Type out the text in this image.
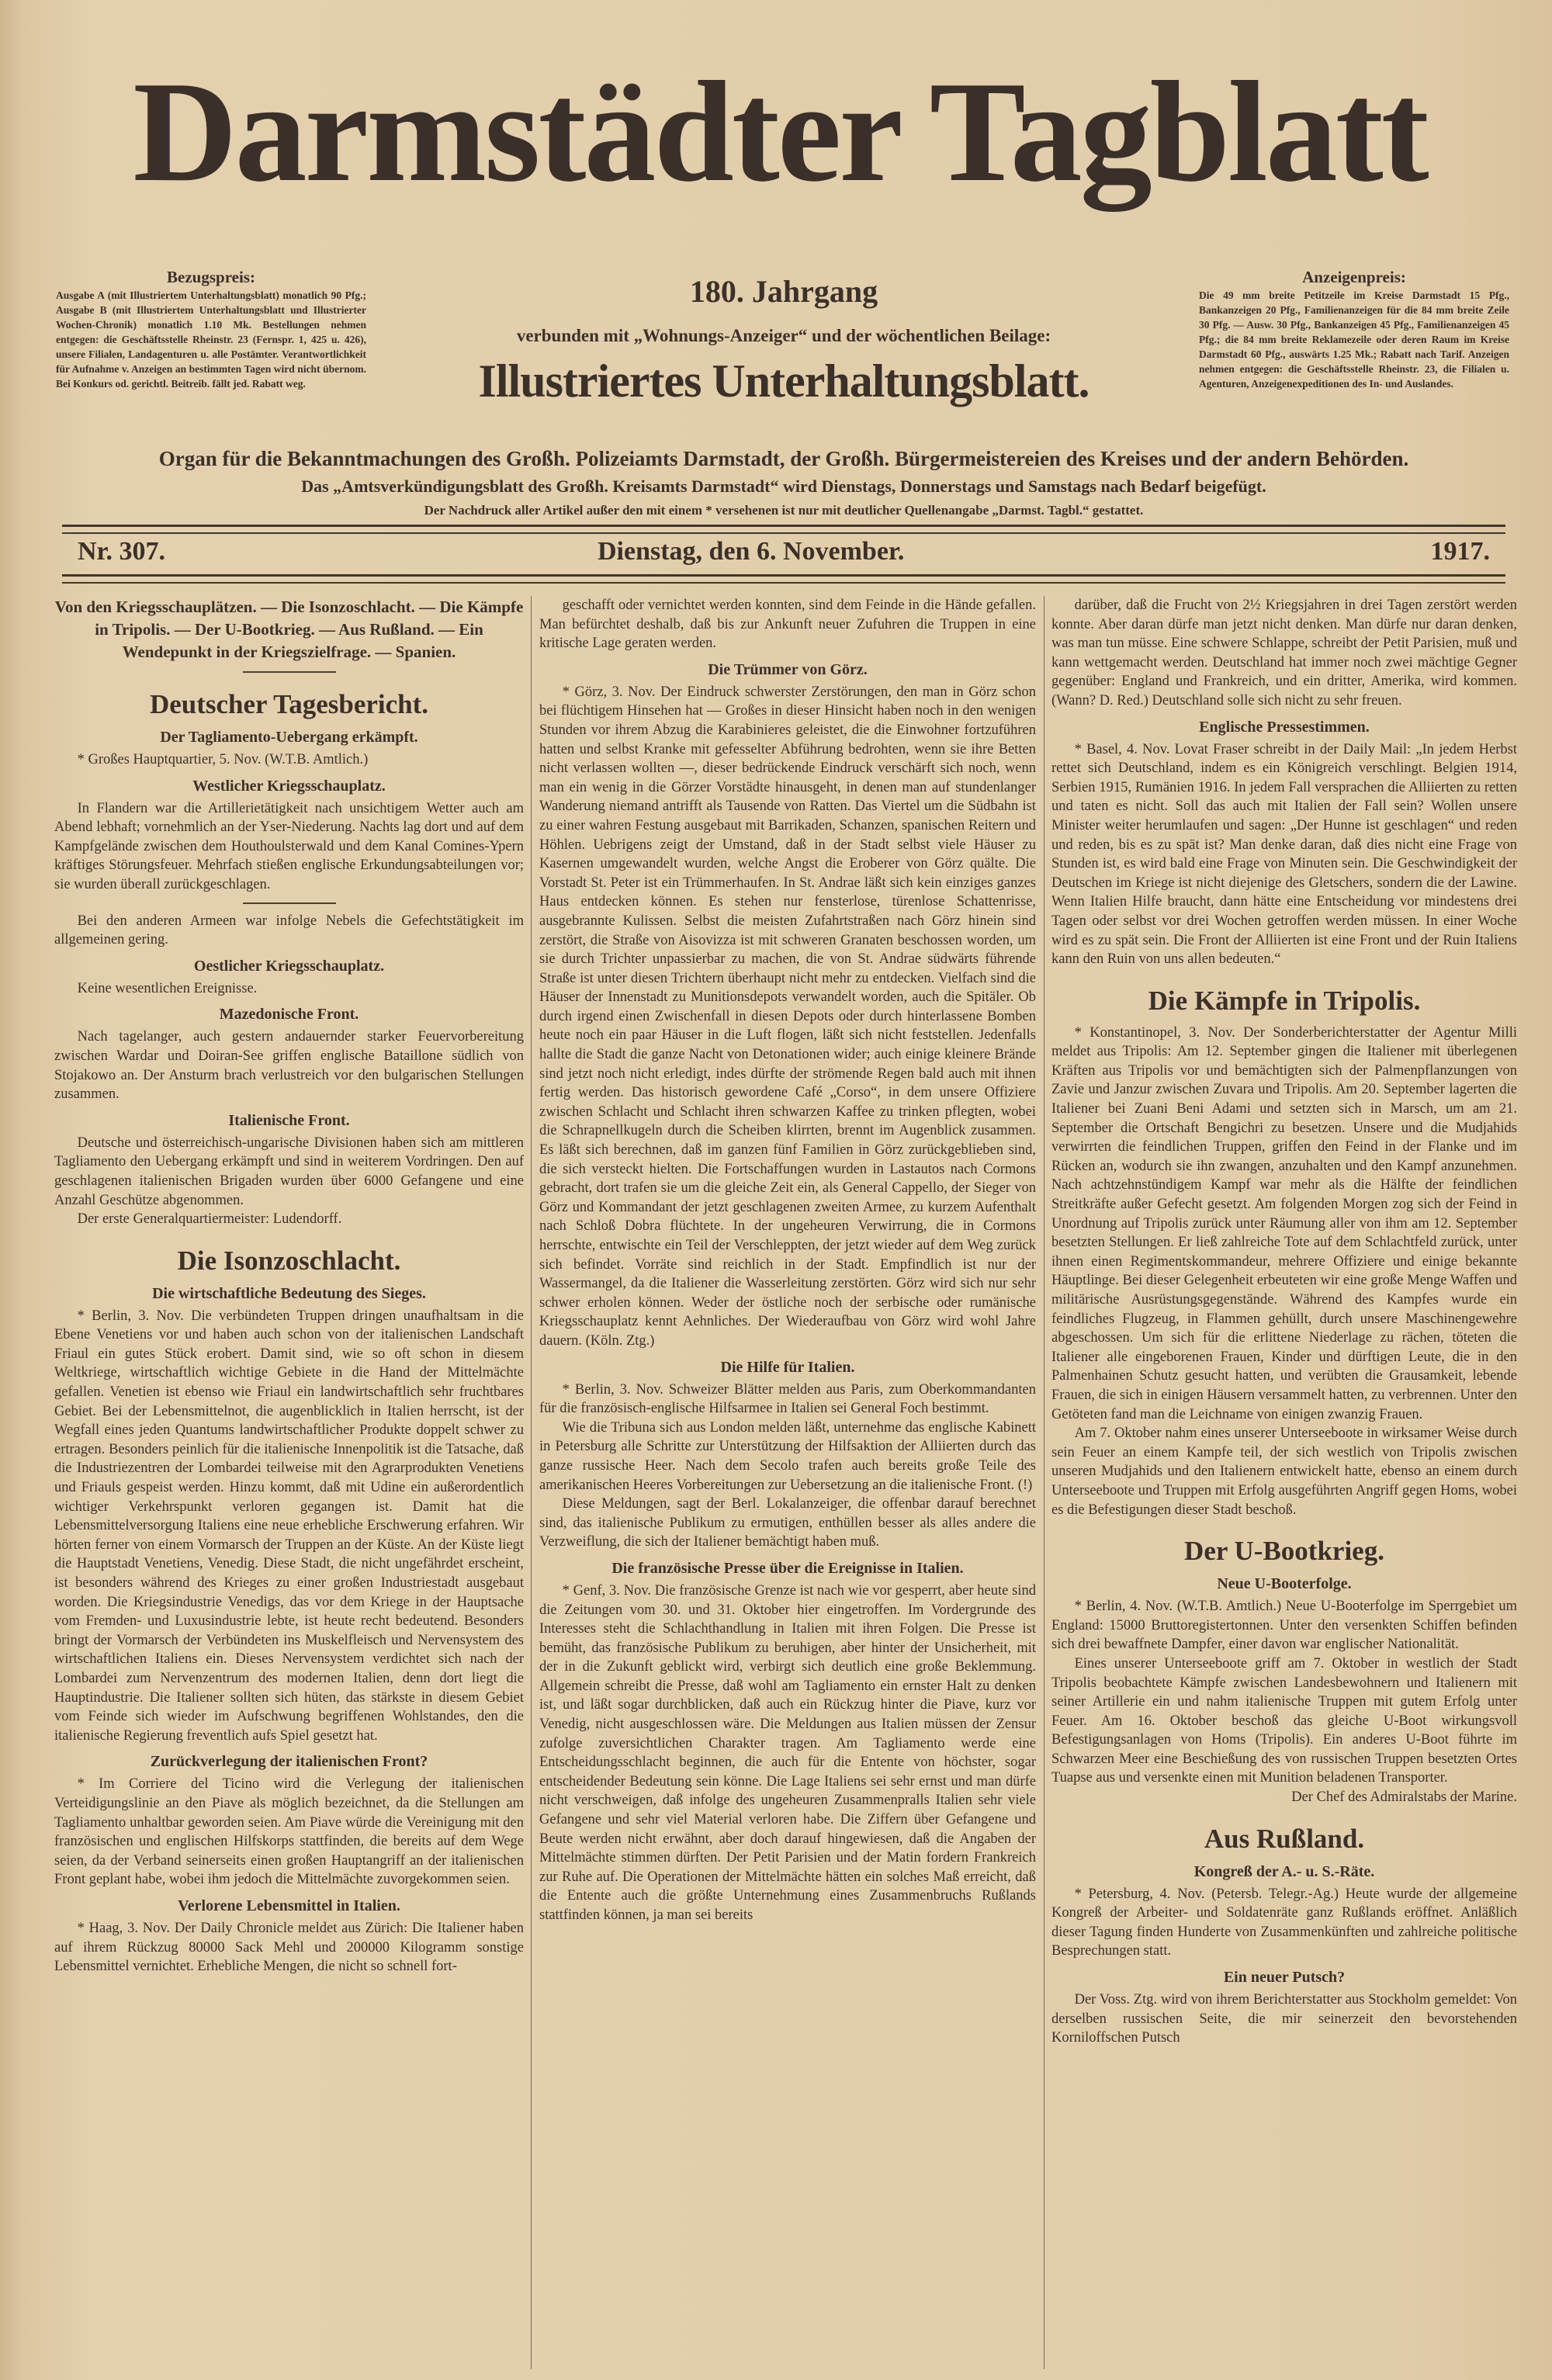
Darmstädter Tagblatt
Bezugspreis:
Ausgabe A (mit Illustriertem Unterhaltungsblatt) monatlich 90 Pfg.; Ausgabe B (mit Illustriertem Unterhaltungsblatt und Illustrierter Wochen-Chronik) monatlich 1.10 Mk. Bestellungen nehmen entgegen: die Geschäftsstelle Rheinstr. 23 (Fernspr. 1, 425 u. 426), unsere Filialen, Landagenturen u. alle Postämter. Verantwortlichkeit für Aufnahme v. Anzeigen an bestimmten Tagen wird nicht übernom. Bei Konkurs od. gerichtl. Beitreib. fällt jed. Rabatt weg.
Anzeigenpreis:
Die 49 mm breite Petitzeile im Kreise Darmstadt 15 Pfg., Bankanzeigen 20 Pfg., Familienanzeigen für die 84 mm breite Zeile 30 Pfg. — Ausw. 30 Pfg., Bankanzeigen 45 Pfg., Familienanzeigen 45 Pfg.; die 84 mm breite Reklamezeile oder deren Raum im Kreise Darmstadt 60 Pfg., auswärts 1.25 Mk.; Rabatt nach Tarif. Anzeigen nehmen entgegen: die Geschäftsstelle Rheinstr. 23, die Filialen u. Agenturen, Anzeigenexpeditionen des In- und Auslandes.
180. Jahrgang
verbunden mit „Wohnungs-Anzeiger“ und der wöchentlichen Beilage:
Illustriertes Unterhaltungsblatt.
Organ für die Bekanntmachungen des Großh. Polizeiamts Darmstadt, der Großh. Bürgermeistereien des Kreises und der andern Behörden.
Das „Amtsverkündigungsblatt des Großh. Kreisamts Darmstadt“ wird Dienstags, Donnerstags und Samstags nach Bedarf beigefügt.
Der Nachdruck aller Artikel außer den mit einem * versehenen ist nur mit deutlicher Quellenangabe „Darmst. Tagbl.“ gestattet.
Nr. 307.	Dienstag, den 6. November.	1917.

Von den Kriegsschauplätzen. — Die Isonzoschlacht. — Die Kämpfe in Tripolis. — Der U-Bootkrieg. — Aus Rußland. — Ein Wendepunkt in der Kriegszielfrage. — Spanien.

Deutscher Tagesbericht.
Der Tagliamento-Uebergang erkämpft.

* Großes Hauptquartier, 5. Nov. (W.T.B. Amtlich.)

Westlicher Kriegsschauplatz.

In Flandern war die Artillerietätigkeit nach unsichtigem Wetter auch am Abend lebhaft; vornehmlich an der Yser-Niederung. Nachts lag dort und auf dem Kampfgelände zwischen dem Houthoulsterwald und dem Kanal Comines-Ypern kräftiges Störungsfeuer. Mehrfach stießen englische Erkundungsabteilungen vor; sie wurden überall zurückgeschlagen.

Bei den anderen Armeen war infolge Nebels die Gefechtstätigkeit im allgemeinen gering.

Oestlicher Kriegsschauplatz.

Keine wesentlichen Ereignisse.

Mazedonische Front.

Nach tagelanger, auch gestern andauernder starker Feuervorbereitung zwischen Wardar und Doiran-See griffen englische Bataillone südlich von Stojakowo an. Der Ansturm brach verlustreich vor den bulgarischen Stellungen zusammen.

Italienische Front.

Deutsche und österreichisch-ungarische Divisionen haben sich am mittleren Tagliamento den Uebergang erkämpft und sind in weiterem Vordringen. Den auf geschlagenen italienischen Brigaden wurden über 6000 Gefangene und eine Anzahl Geschütze abgenommen.

Der erste Generalquartiermeister: Ludendorff.

Die Isonzoschlacht.
Die wirtschaftliche Bedeutung des Sieges.

* Berlin, 3. Nov. Die verbündeten Truppen dringen unaufhaltsam in die Ebene Venetiens vor und haben auch schon von der italienischen Landschaft Friaul ein gutes Stück erobert. Damit sind, wie so oft schon in diesem Weltkriege, wirtschaftlich wichtige Gebiete in die Hand der Mittelmächte gefallen. Venetien ist ebenso wie Friaul ein landwirtschaftlich sehr fruchtbares Gebiet. Bei der Lebensmittelnot, die augenblicklich in Italien herrscht, ist der Wegfall eines jeden Quantums landwirtschaftlicher Produkte doppelt schwer zu ertragen. Besonders peinlich für die italienische Innenpolitik ist die Tatsache, daß die Industriezentren der Lombardei teilweise mit den Agrarprodukten Venetiens und Friauls gespeist werden. Hinzu kommt, daß mit Udine ein außerordentlich wichtiger Verkehrspunkt verloren gegangen ist. Damit hat die Lebensmittelversorgung Italiens eine neue erhebliche Erschwerung erfahren. Wir hörten ferner von einem Vormarsch der Truppen an der Küste. An der Küste liegt die Hauptstadt Venetiens, Venedig. Diese Stadt, die nicht ungefährdet erscheint, ist besonders während des Krieges zu einer großen Industriestadt ausgebaut worden. Die Kriegsindustrie Venedigs, das vor dem Kriege in der Hauptsache vom Fremden- und Luxusindustrie lebte, ist heute recht bedeutend. Besonders bringt der Vormarsch der Verbündeten ins Muskelfleisch und Nervensystem des wirtschaftlichen Italiens ein. Dieses Nervensystem verdichtet sich nach der Lombardei zum Nervenzentrum des modernen Italien, denn dort liegt die Hauptindustrie. Die Italiener sollten sich hüten, das stärkste in diesem Gebiet vom Feinde sich wieder im Aufschwung begriffenen Wohlstandes, den die italienische Regierung freventlich aufs Spiel gesetzt hat.

Zurückverlegung der italienischen Front?

* Im Corriere del Ticino wird die Verlegung der italienischen Verteidigungslinie an den Piave als möglich bezeichnet, da die Stellungen am Tagliamento unhaltbar geworden seien. Am Piave würde die Vereinigung mit den französischen und englischen Hilfskorps stattfinden, die bereits auf dem Wege seien, da der Verband seinerseits einen großen Hauptangriff an der italienischen Front geplant habe, wobei ihm jedoch die Mittelmächte zuvorgekommen seien.

Verlorene Lebensmittel in Italien.

* Haag, 3. Nov. Der Daily Chronicle meldet aus Zürich: Die Italiener haben auf ihrem Rückzug 80000 Sack Mehl und 200000 Kilogramm sonstige Lebensmittel vernichtet. Erhebliche Mengen, die nicht so schnell fort-

geschafft oder vernichtet werden konnten, sind dem Feinde in die Hände gefallen. Man befürchtet deshalb, daß bis zur Ankunft neuer Zufuhren die Truppen in eine kritische Lage geraten werden.

Die Trümmer von Görz.

* Görz, 3. Nov. Der Eindruck schwerster Zerstörungen, den man in Görz schon bei flüchtigem Hinsehen hat — Großes in dieser Hinsicht haben noch in den wenigen Stunden vor ihrem Abzug die Karabinieres geleistet, die die Einwohner fortzuführen hatten und selbst Kranke mit gefesselter Abführung bedrohten, wenn sie ihre Betten nicht verlassen wollten —, dieser bedrückende Eindruck verschärft sich noch, wenn man ein wenig in die Görzer Vorstädte hinausgeht, in denen man auf stundenlanger Wanderung niemand antrifft als Tausende von Ratten. Das Viertel um die Südbahn ist zu einer wahren Festung ausgebaut mit Barrikaden, Schanzen, spanischen Reitern und Höhlen. Uebrigens zeigt der Umstand, daß in der Stadt selbst viele Häuser zu Kasernen umgewandelt wurden, welche Angst die Eroberer von Görz quälte. Die Vorstadt St. Peter ist ein Trümmerhaufen. In St. Andrae läßt sich kein einziges ganzes Haus entdecken können. Es stehen nur fensterlose, türenlose Schattenrisse, ausgebrannte Kulissen. Selbst die meisten Zufahrtstraßen nach Görz hinein sind zerstört, die Straße von Aisovizza ist mit schweren Granaten beschossen worden, um sie durch Trichter unpassierbar zu machen, die von St. Andrae südwärts führende Straße ist unter diesen Trichtern überhaupt nicht mehr zu entdecken. Vielfach sind die Häuser der Innenstadt zu Munitionsdepots verwandelt worden, auch die Spitäler. Ob durch irgend einen Zwischenfall in diesen Depots oder durch hinterlassene Bomben heute noch ein paar Häuser in die Luft flogen, läßt sich nicht feststellen. Jedenfalls hallte die Stadt die ganze Nacht von Detonationen wider; auch einige kleinere Brände sind jetzt noch nicht erledigt, indes dürfte der strömende Regen bald auch mit ihnen fertig werden. Das historisch gewordene Café „Corso“, in dem unsere Offiziere zwischen Schlacht und Schlacht ihren schwarzen Kaffee zu trinken pflegten, wobei die Schrapnellkugeln durch die Scheiben klirrten, brennt im Augenblick zusammen. Es läßt sich berechnen, daß im ganzen fünf Familien in Görz zurückgeblieben sind, die sich versteckt hielten. Die Fortschaffungen wurden in Lastautos nach Cormons gebracht, dort trafen sie um die gleiche Zeit ein, als General Cappello, der Sieger von Görz und Kommandant der jetzt geschlagenen zweiten Armee, zu kurzem Aufenthalt nach Schloß Dobra flüchtete. In der ungeheuren Verwirrung, die in Cormons herrschte, entwischte ein Teil der Verschleppten, der jetzt wieder auf dem Weg zurück sich befindet. Vorräte sind reichlich in der Stadt. Empfindlich ist nur der Wassermangel, da die Italiener die Wasserleitung zerstörten. Görz wird sich nur sehr schwer erholen können. Weder der östliche noch der serbische oder rumänische Kriegsschauplatz kennt Aehnliches. Der Wiederaufbau von Görz wird wohl Jahre dauern. (Köln. Ztg.)

Die Hilfe für Italien.

* Berlin, 3. Nov. Schweizer Blätter melden aus Paris, zum Oberkommandanten für die französisch-englische Hilfsarmee in Italien sei General Foch bestimmt.

Wie die Tribuna sich aus London melden läßt, unternehme das englische Kabinett in Petersburg alle Schritte zur Unterstützung der Hilfsaktion der Alliierten durch das ganze russische Heer. Nach dem Secolo trafen auch bereits große Teile des amerikanischen Heeres Vorbereitungen zur Uebersetzung an die italienische Front. (!)

Diese Meldungen, sagt der Berl. Lokalanzeiger, die offenbar darauf berechnet sind, das italienische Publikum zu ermutigen, enthüllen besser als alles andere die Verzweiflung, die sich der Italiener bemächtigt haben muß.

Die französische Presse über die Ereignisse in Italien.

* Genf, 3. Nov. Die französische Grenze ist nach wie vor gesperrt, aber heute sind die Zeitungen vom 30. und 31. Oktober hier eingetroffen. Im Vordergrunde des Interesses steht die Schlachthandlung in Italien mit ihren Folgen. Die Presse ist bemüht, das französische Publikum zu beruhigen, aber hinter der Unsicherheit, mit der in die Zukunft geblickt wird, verbirgt sich deutlich eine große Beklemmung. Allgemein schreibt die Presse, daß wohl am Tagliamento ein ernster Halt zu denken ist, und läßt sogar durchblicken, daß auch ein Rückzug hinter die Piave, kurz vor Venedig, nicht ausgeschlossen wäre. Die Meldungen aus Italien müssen der Zensur zufolge zuversichtlichen Charakter tragen. Am Tagliamento werde eine Entscheidungsschlacht beginnen, die auch für die Entente von höchster, sogar entscheidender Bedeutung sein könne. Die Lage Italiens sei sehr ernst und man dürfe nicht verschweigen, daß infolge des ungeheuren Zusammenpralls Italien sehr viele Gefangene und sehr viel Material verloren habe. Die Ziffern über Gefangene und Beute werden nicht erwähnt, aber doch darauf hingewiesen, daß die Angaben der Mittelmächte stimmen dürften. Der Petit Parisien und der Matin fordern Frankreich zur Ruhe auf. Die Operationen der Mittelmächte hätten ein solches Maß erreicht, daß die Entente auch die größte Unternehmung eines Zusammenbruchs Rußlands stattfinden können, ja man sei bereits

darüber, daß die Frucht von 2½ Kriegsjahren in drei Tagen zerstört werden konnte. Aber daran dürfe man jetzt nicht denken. Man dürfe nur daran denken, was man tun müsse. Eine schwere Schlappe, schreibt der Petit Parisien, muß und kann wettgemacht werden. Deutschland hat immer noch zwei mächtige Gegner gegenüber: England und Frankreich, und ein dritter, Amerika, wird kommen. (Wann? D. Red.) Deutschland solle sich nicht zu sehr freuen.

Englische Pressestimmen.

* Basel, 4. Nov. Lovat Fraser schreibt in der Daily Mail: „In jedem Herbst rettet sich Deutschland, indem es ein Königreich verschlingt. Belgien 1914, Serbien 1915, Rumänien 1916. In jedem Fall versprachen die Alliierten zu retten und taten es nicht. Soll das auch mit Italien der Fall sein? Wollen unsere Minister weiter herumlaufen und sagen: „Der Hunne ist geschlagen“ und reden und reden, bis es zu spät ist? Man denke daran, daß dies nicht eine Frage von Stunden ist, es wird bald eine Frage von Minuten sein. Die Geschwindigkeit der Deutschen im Kriege ist nicht diejenige des Gletschers, sondern die der Lawine. Wenn Italien Hilfe braucht, dann hätte eine Entscheidung vor mindestens drei Tagen oder selbst vor drei Wochen getroffen werden müssen. In einer Woche wird es zu spät sein. Die Front der Alliierten ist eine Front und der Ruin Italiens kann den Ruin von uns allen bedeuten.“

Die Kämpfe in Tripolis.

* Konstantinopel, 3. Nov. Der Sonderberichterstatter der Agentur Milli meldet aus Tripolis: Am 12. September gingen die Italiener mit überlegenen Kräften aus Tripolis vor und bemächtigten sich der Palmenpflanzungen von Zavie und Janzur zwischen Zuvara und Tripolis. Am 20. September lagerten die Italiener bei Zuani Beni Adami und setzten sich in Marsch, um am 21. September die Ortschaft Bengichri zu besetzen. Unsere und die Mudjahids verwirrten die feindlichen Truppen, griffen den Feind in der Flanke und im Rücken an, wodurch sie ihn zwangen, anzuhalten und den Kampf anzunehmen. Nach achtzehnstündigem Kampf war mehr als die Hälfte der feindlichen Streitkräfte außer Gefecht gesetzt. Am folgenden Morgen zog sich der Feind in Unordnung auf Tripolis zurück unter Räumung aller von ihm am 12. September besetzten Stellungen. Er ließ zahlreiche Tote auf dem Schlachtfeld zurück, unter ihnen einen Regimentskommandeur, mehrere Offiziere und einige bekannte Häuptlinge. Bei dieser Gelegenheit erbeuteten wir eine große Menge Waffen und militärische Ausrüstungsgegenstände. Während des Kampfes wurde ein feindliches Flugzeug, in Flammen gehüllt, durch unsere Maschinengewehre abgeschossen. Um sich für die erlittene Niederlage zu rächen, töteten die Italiener alle eingeborenen Frauen, Kinder und dürftigen Leute, die in den Palmenhainen Schutz gesucht hatten, und verübten die Grausamkeit, lebende Frauen, die sich in einigen Häusern versammelt hatten, zu verbrennen. Unter den Getöteten fand man die Leichname von einigen zwanzig Frauen.

Am 7. Oktober nahm eines unserer Unterseeboote in wirksamer Weise durch sein Feuer an einem Kampfe teil, der sich westlich von Tripolis zwischen unseren Mudjahids und den Italienern entwickelt hatte, ebenso an einem durch Unterseeboote und Truppen mit Erfolg ausgeführten Angriff gegen Homs, wobei es die Befestigungen dieser Stadt beschoß.

Der U-Bootkrieg.
Neue U-Booterfolge.

* Berlin, 4. Nov. (W.T.B. Amtlich.) Neue U-Booterfolge im Sperrgebiet um England: 15000 Bruttoregistertonnen. Unter den versenkten Schiffen befinden sich drei bewaffnete Dampfer, einer davon war englischer Nationalität.

Eines unserer Unterseeboote griff am 7. Oktober in westlich der Stadt Tripolis beobachtete Kämpfe zwischen Landesbewohnern und Italienern mit seiner Artillerie ein und nahm italienische Truppen mit gutem Erfolg unter Feuer. Am 16. Oktober beschoß das gleiche U-Boot wirkungsvoll Befestigungsanlagen von Homs (Tripolis). Ein anderes U-Boot führte im Schwarzen Meer eine Beschießung des von russischen Truppen besetzten Ortes Tuapse aus und versenkte einen mit Munition beladenen Transporter.

Der Chef des Admiralstabs der Marine.

Aus Rußland.
Kongreß der A.- u. S.-Räte.

* Petersburg, 4. Nov. (Petersb. Telegr.-Ag.) Heute wurde der allgemeine Kongreß der Arbeiter- und Soldatenräte ganz Rußlands eröffnet. Anläßlich dieser Tagung finden Hunderte von Zusammenkünften und zahlreiche politische Besprechungen statt.

Ein neuer Putsch?

Der Voss. Ztg. wird von ihrem Berichterstatter aus Stockholm gemeldet: Von derselben russischen Seite, die mir seinerzeit den bevorstehenden Korniloffschen Putsch
